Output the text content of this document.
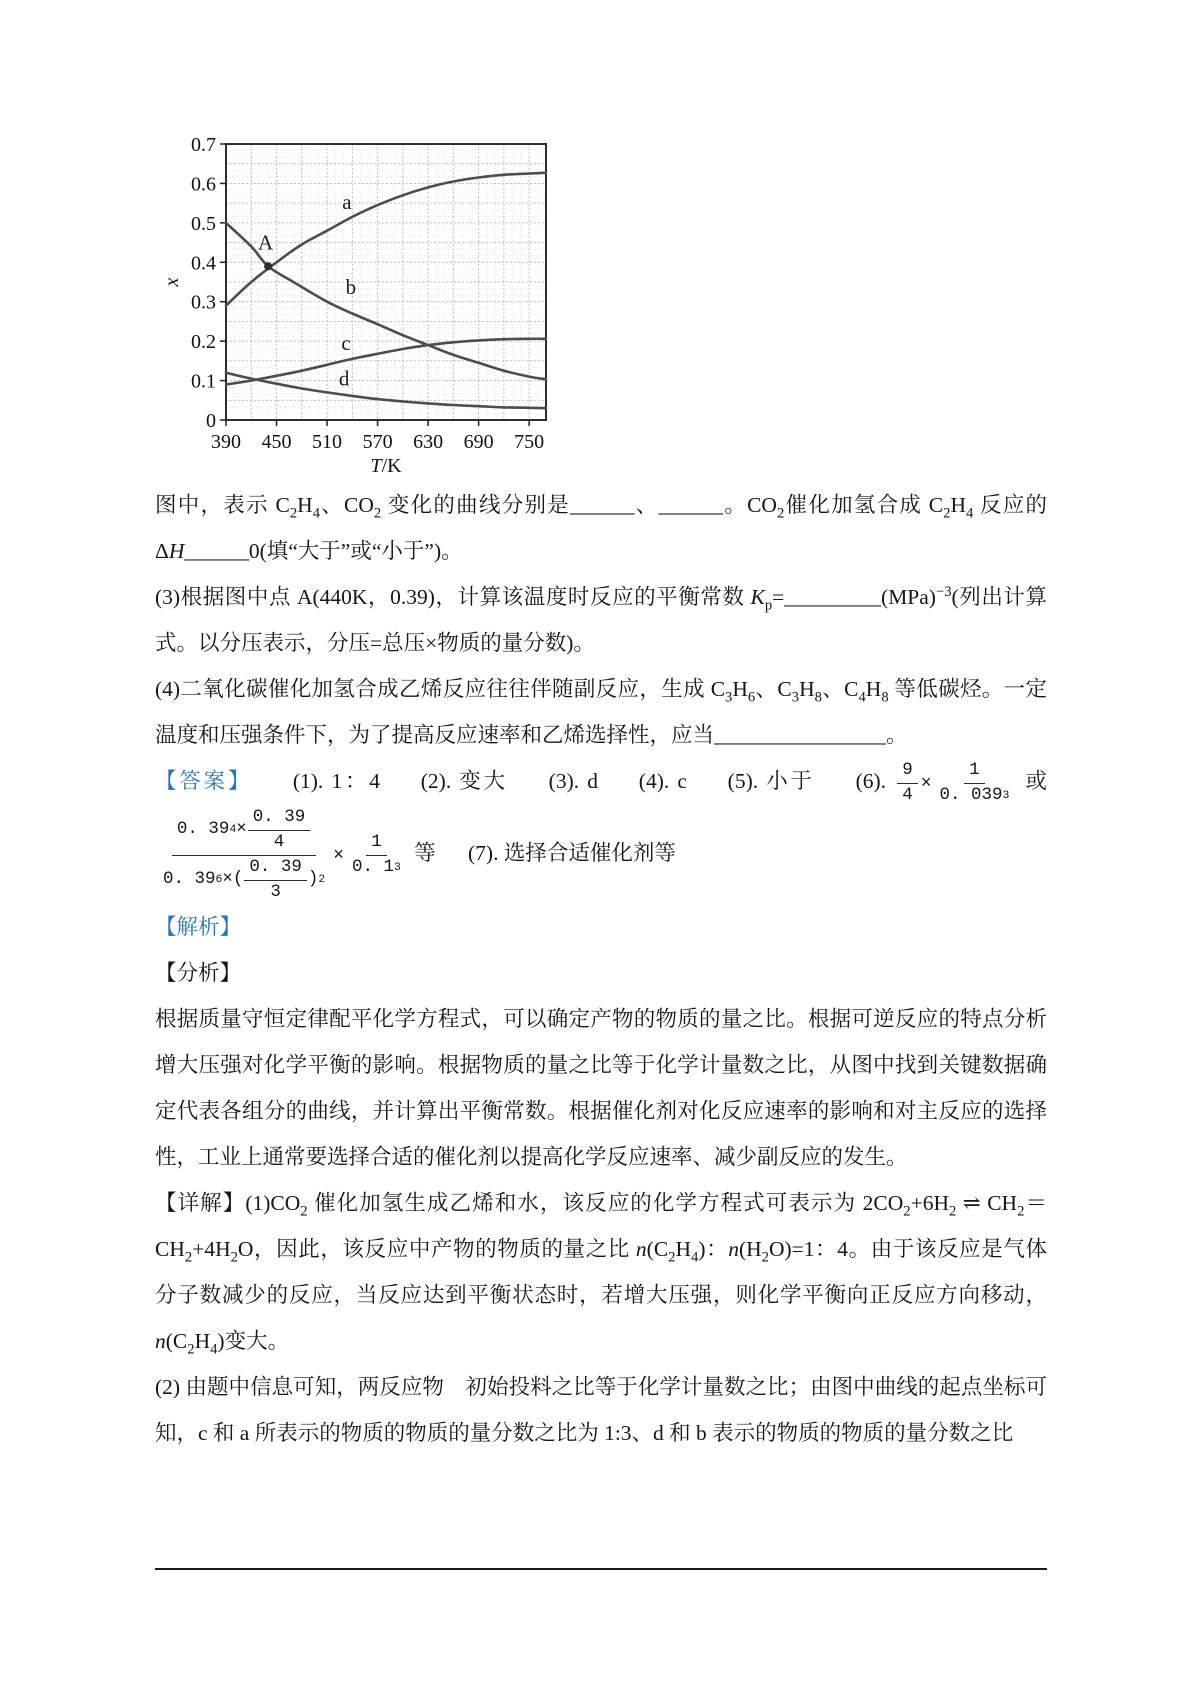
0
0.1
0.2
0.3
0.4
0.5
0.6
0.7
390 450 510 570 630 690 750
x
T/K
a
b
c
d
A

图中，表示 $C_2H_4$、$CO_2$ 变化的曲线分别是______、______。$CO_2$催化加氢合成 $C_2H_4$ 反应的 ΔH______0(填“大于”或“小于”)。

(3)根据图中点 A(440K，0.39)，计算该温度时反应的平衡常数 $K_p=\_\_\_\_\_\_\_\_\_(MPa)^{-3}$(列出计算式。以分压表示，分压=总压×物质的量分数)。

(4)二氧化碳催化加氢合成乙烯反应往往伴随副反应，生成 $C_3H_6$、$C_3H_8$、$C_4H_8$ 等低碳烃。一定温度和压强条件下，为了提高反应速率和乙烯选择性，应当________________。

【答案】 (1). 1：4 (2). 变大 (3). d (4). c (5). 小于 (6). $\frac{9}{4} \times \frac{1}{0. 039 3}$ 或
$\frac{0. 39 4 \times \frac{0. 39}{4}}{0. 39 6 \times( \frac{0. 39}{3} ) 2} \times \frac{1}{0. 1 3}$ 等 (7). 选择合适催化剂等

【解析】

【分析】

根据质量守恒定律配平化学方程式，可以确定产物的物质的量之比。根据可逆反应的特点分析增大压强对化学平衡的影响。根据物质的量之比等于化学计量数之比，从图中找到关键数据确定代表各组分的曲线，并计算出平衡常数。根据催化剂对化反应速率的影响和对主反应的选择性，工业上通常要选择合适的催化剂以提高化学反应速率、减少副反应的发生。

【详解】$(1)CO_2$ 催化加氢生成乙烯和水，该反应的化学方程式可表示为 $2CO_2+6H_2$ ⇌ $CH_2=CH_2+4H_2O$，因此，该反应中产物的物质的量之比 $n(C_2H_4)$：$n(H_2O)=1$：4。由于该反应是气体分子数减少的反应，当反应达到平衡状态时，若增大压强，则化学平衡向正反应方向移动，$n(C_2H_4)$变大。

(2) 由题中信息可知，两反应物　初始投料之比等于化学计量数之比；由图中曲线的起点坐标可知，c 和 a 所表示的物质的物质的量分数之比为 1:3、d 和 b 表示的物质的物质的量分数之比
